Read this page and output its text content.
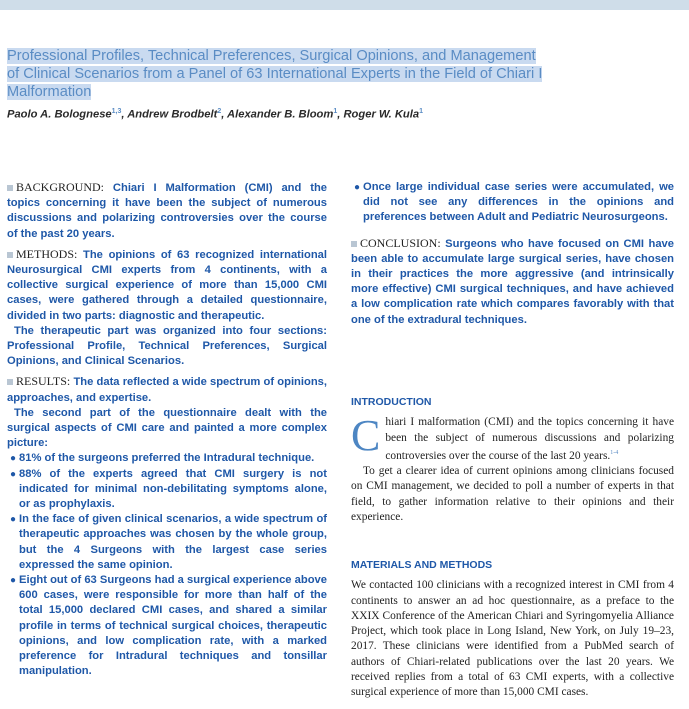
Professional Profiles, Technical Preferences, Surgical Opinions, and Management
of Clinical Scenarios from a Panel of 63 International Experts in the Field of Chiari I
Malformation
Paolo A. Bolognese$^{1,3}$, Andrew Brodbelt$^2$, Alexander B. Bloom$^1$, Roger W. Kula$^1$

BACKGROUND: Chiari I Malformation (CMI) and the topics concerning it have been the subject of numerous discussions and polarizing controversies over the course of the past 20 years.

METHODS: The opinions of 63 recognized international Neurosurgical CMI experts from 4 continents, with a collective surgical experience of more than 15,000 CMI cases, were gathered through a detailed questionnaire, divided in two parts: diagnostic and therapeutic.

The therapeutic part was organized into four sections: Professional Profile, Technical Preferences, Surgical Opinions, and Clinical Scenarios.

RESULTS: The data reflected a wide spectrum of opinions, approaches, and expertise.

The second part of the questionnaire dealt with the surgical aspects of CMI care and painted a more complex picture:

● 81% of the surgeons preferred the Intradural technique.
● 88% of the experts agreed that CMI surgery is not indicated for minimal non-debilitating symptoms alone, or as prophylaxis.
● In the face of given clinical scenarios, a wide spectrum of therapeutic approaches was chosen by the whole group, but the 4 Surgeons with the largest case series expressed the same opinion.
● Eight out of 63 Surgeons had a surgical experience above 600 cases, were responsible for more than half of the total 15,000 declared CMI cases, and shared a similar profile in terms of technical surgical choices, therapeutic opinions, and low complication rate, with a marked preference for Intradural techniques and tonsillar manipulation.
● Once large individual case series were accumulated, we did not see any differences in the opinions and preferences between Adult and Pediatric Neurosurgeons.

CONCLUSION: Surgeons who have focused on CMI have been able to accumulate large surgical series, have chosen in their practices the more aggressive (and intrinsically more effective) CMI surgical techniques, and have achieved a low complication rate which compares favorably with that one of the extradural techniques.

INTRODUCTION

Chiari I malformation (CMI) and the topics concerning it have been the subject of numerous discussions and polarizing controversies over the course of the last 20 years.$^{1-4}$

To get a clearer idea of current opinions among clinicians focused on CMI management, we decided to poll a number of experts in that field, to gather information relative to their opinions and their experience.

MATERIALS AND METHODS

We contacted 100 clinicians with a recognized interest in CMI from 4 continents to answer an ad hoc questionnaire, as a preface to the XXIX Conference of the American Chiari and Syringomyelia Alliance Project, which took place in Long Island, New York, on July 19–23, 2017. These clinicians were identified from a PubMed search of authors of Chiari-related publications over the last 20 years. We received replies from a total of 63 CMI experts, with a collective surgical experience of more than 15,000 CMI cases.
